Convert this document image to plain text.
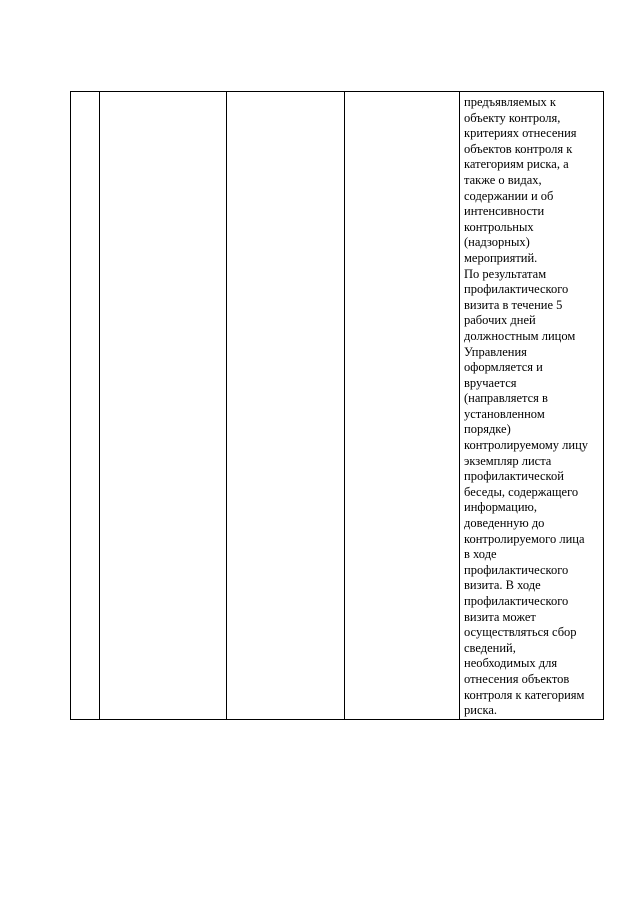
предъявляемых к
объекту контроля,
критериях отнесения
объектов контроля к
категориям риска, а
также о видах,
содержании и об
интенсивности
контрольных
(надзорных)
мероприятий.
По результатам
профилактического
визита в течение 5
рабочих дней
должностным лицом
Управления
оформляется и
вручается
(направляется в
установленном
порядке)
контролируемому лицу
экземпляр листа
профилактической
беседы, содержащего
информацию,
доведенную до
контролируемого лица
в ходе
профилактического
визита. В ходе
профилактического
визита может
осуществляться сбор
сведений,
необходимых для
отнесения объектов
контроля к категориям
риска.
